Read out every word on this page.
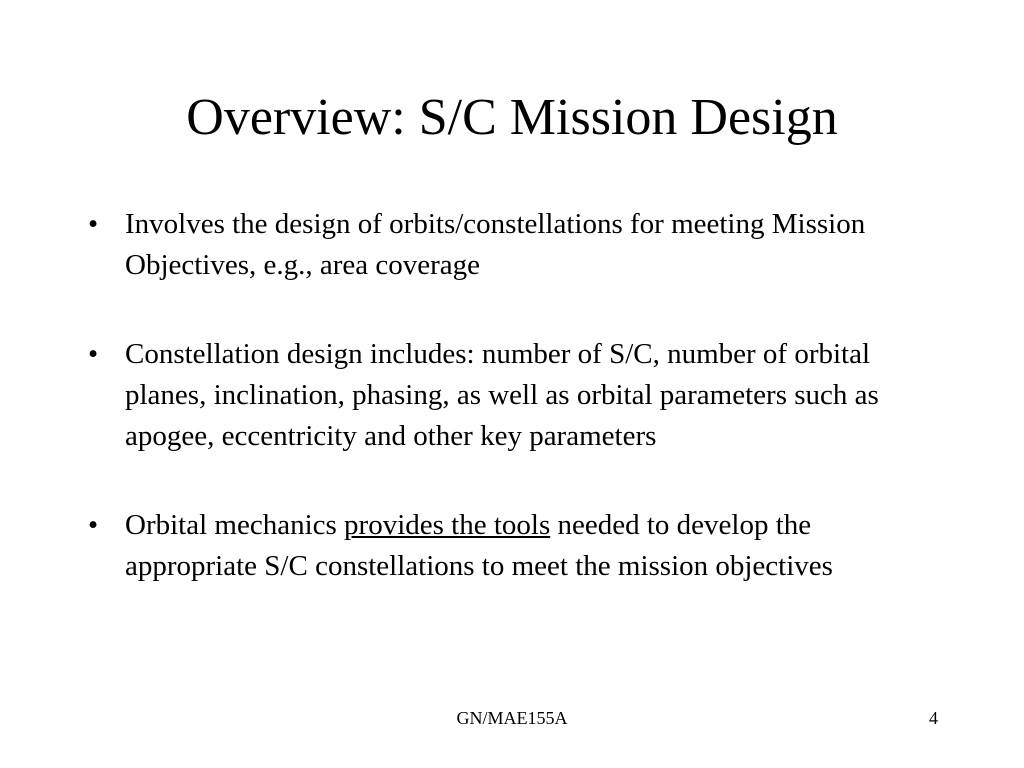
Overview: S/C Mission Design
• Involves the design of orbits/constellations for meeting Mission Objectives, e.g., area coverage
• Constellation design includes: number of S/C, number of orbital planes, inclination, phasing, as well as orbital parameters such as apogee, eccentricity and other key parameters
• Orbital mechanics provides the tools needed to develop the appropriate S/C constellations to meet the mission objectives
GN/MAE155A	4
